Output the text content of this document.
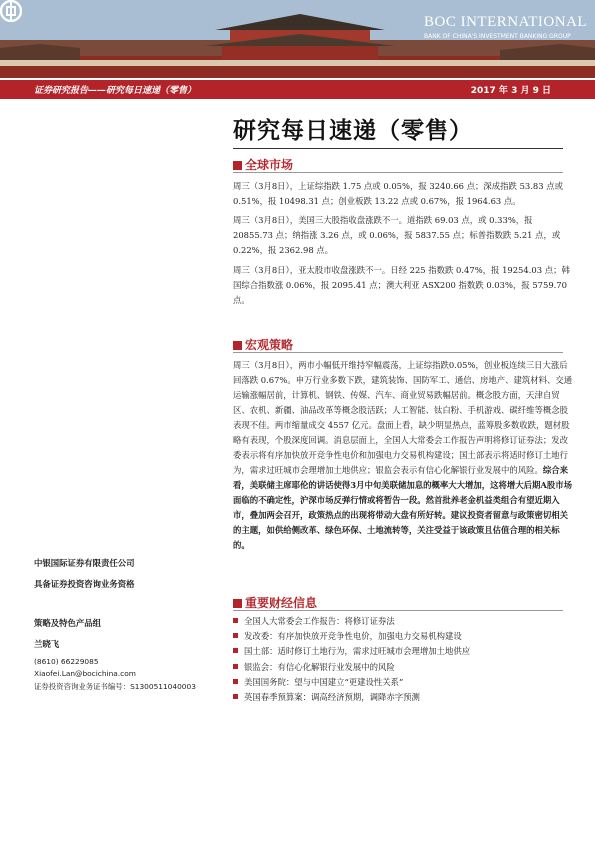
BOC INTERNATIONAL
BANK OF CHINA'S INVESTMENT BANKING GROUP
证券研究报告——研究每日速递（零售）	2017 年 3 月 9 日
研究每日速递（零售）
全球市场

周三（3月8日），上证综指跌 1.75 点或 0.05%，报 3240.66 点；深成指跌 53.83 点或 0.51%，报 10498.31 点；创业板跌 13.22 点或 0.67%，报 1964.63 点。

周三（3月8日），美国三大股指收盘涨跌不一。道指跌 69.03 点，或 0.33%，报 20855.73 点；纳指涨 3.26 点，或 0.06%，报 5837.55 点；标普指数跌 5.21 点，或 0.22%，报 2362.98 点。

周三（3月8日），亚太股市收盘涨跌不一。日经 225 指数跌 0.47%，报 19254.03 点；韩国综合指数涨 0.06%，报 2095.41 点；澳大利亚 ASX200 指数跌 0.03%，报 5759.70 点。

宏观策略

周三（3月8日），两市小幅低开维持窄幅震荡，上证综指跌0.05%，创业板连续三日大涨后回落跌 0.67%。申万行业多数下跌，建筑装饰、国防军工、通信、房地产、建筑材料、交通运输涨幅居前，计算机、钢铁、传媒、汽车、商业贸易跌幅居前。概念股方面，天津自贸区、农机、新疆、油品改革等概念股活跃；人工智能、钛白粉、手机游戏、碳纤维等概念股表现不佳。两市缩量成交 4557 亿元。盘面上看，缺少明显热点，蓝筹股多数收跌，题材股略有表现，个股深度回调。消息层面上，全国人大常委会工作报告声明将修订证券法；发改委表示将有序加快放开竞争性电价和加强电力交易机构建设；国土部表示将适时修订土地行为，需求过旺城市会理增加土地供应；银监会表示有信心化解银行业发展中的风险。综合来看，美联储主席耶伦的讲话使得3月中旬美联储加息的概率大大增加，这将增大后期A股市场面临的不确定性，沪深市场反弹行情或将暂告一段。然首批养老金机益类组合有望近期入市，叠加两会召开，政策热点的出现将带动大盘有所好转。建议投资者留意与政策密切相关的主题，如供给侧改革、绿色环保、土地流转等，关注受益于该政策且估值合理的相关标的。

重要财经信息
全国人大常委会工作报告：将修订证券法
发改委：有序加快放开竞争性电价，加强电力交易机构建设
国土部：适时修订土地行为，需求过旺城市会理增加土地供应
银监会：有信心化解银行业发展中的风险
美国国务院：望与中国建立“更建设性关系”
英国春季预算案：调高经济预期，调降赤字预测
中银国际证券有限责任公司
具备证券投资咨询业务资格
策略及特色产品组
兰晓飞
(8610) 66229085
Xiaofei.Lan@bocichina.com
证券投资咨询业务证书编号：S1300511040003
